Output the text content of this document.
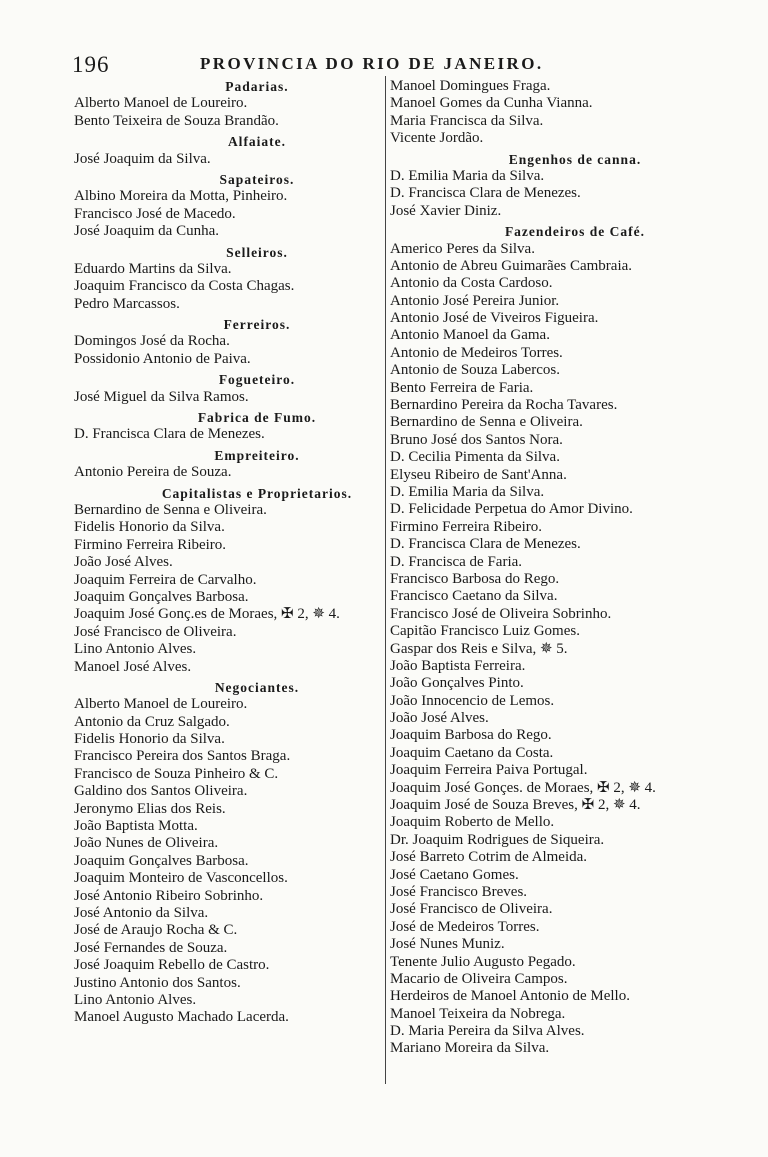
196	PROVINCIA DO RIO DE JANEIRO.
Padarias.
Alberto Manoel de Loureiro.
Bento Teixeira de Souza Brandão.
Alfaiate.
José Joaquim da Silva.
Sapateiros.
Albino Moreira da Motta, Pinheiro.
Francisco José de Macedo.
José Joaquim da Cunha.
Selleiros.
Eduardo Martins da Silva.
Joaquim Francisco da Costa Chagas.
Pedro Marcassos.
Ferreiros.
Domingos José da Rocha.
Possidonio Antonio de Paiva.
Fogueteiro.
José Miguel da Silva Ramos.
Fabrica de Fumo.
D. Francisca Clara de Menezes.
Empreiteiro.
Antonio Pereira de Souza.
Capitalistas e Proprietarios.
Bernardino de Senna e Oliveira.
Fidelis Honorio da Silva.
Firmino Ferreira Ribeiro.
João José Alves.
Joaquim Ferreira de Carvalho.
Joaquim Gonçalves Barbosa.
Joaquim José Gonç.es de Moraes, ✠ 2, ✵ 4.
José Francisco de Oliveira.
Lino Antonio Alves.
Manoel José Alves.
Negociantes.
Alberto Manoel de Loureiro.
Antonio da Cruz Salgado.
Fidelis Honorio da Silva.
Francisco Pereira dos Santos Braga.
Francisco de Souza Pinheiro & C.
Galdino dos Santos Oliveira.
Jeronymo Elias dos Reis.
João Baptista Motta.
João Nunes de Oliveira.
Joaquim Gonçalves Barbosa.
Joaquim Monteiro de Vasconcellos.
José Antonio Ribeiro Sobrinho.
José Antonio da Silva.
José de Araujo Rocha & C.
José Fernandes de Souza.
José Joaquim Rebello de Castro.
Justino Antonio dos Santos.
Lino Antonio Alves.
Manoel Augusto Machado Lacerda.
Manoel Domingues Fraga.
Manoel Gomes da Cunha Vianna.
Maria Francisca da Silva.
Vicente Jordão.
Engenhos de canna.
D. Emilia Maria da Silva.
D. Francisca Clara de Menezes.
José Xavier Diniz.
Fazendeiros de Café.
Americo Peres da Silva.
Antonio de Abreu Guimarães Cambraia.
Antonio da Costa Cardoso.
Antonio José Pereira Junior.
Antonio José de Viveiros Figueira.
Antonio Manoel da Gama.
Antonio de Medeiros Torres.
Antonio de Souza Labercos.
Bento Ferreira de Faria.
Bernardino Pereira da Rocha Tavares.
Bernardino de Senna e Oliveira.
Bruno José dos Santos Nora.
D. Cecilia Pimenta da Silva.
Elyseu Ribeiro de Sant'Anna.
D. Emilia Maria da Silva.
D. Felicidade Perpetua do Amor Divino.
Firmino Ferreira Ribeiro.
D. Francisca Clara de Menezes.
D. Francisca de Faria.
Francisco Barbosa do Rego.
Francisco Caetano da Silva.
Francisco José de Oliveira Sobrinho.
Capitão Francisco Luiz Gomes.
Gaspar dos Reis e Silva, ✵ 5.
João Baptista Ferreira.
João Gonçalves Pinto.
João Innocencio de Lemos.
João José Alves.
Joaquim Barbosa do Rego.
Joaquim Caetano da Costa.
Joaquim Ferreira Paiva Portugal.
Joaquim José Gonçes. de Moraes, ✠ 2, ✵ 4.
Joaquim José de Souza Breves, ✠ 2, ✵ 4.
Joaquim Roberto de Mello.
Dr. Joaquim Rodrigues de Siqueira.
José Barreto Cotrim de Almeida.
José Caetano Gomes.
José Francisco Breves.
José Francisco de Oliveira.
José de Medeiros Torres.
José Nunes Muniz.
Tenente Julio Augusto Pegado.
Macario de Oliveira Campos.
Herdeiros de Manoel Antonio de Mello.
Manoel Teixeira da Nobrega.
D. Maria Pereira da Silva Alves.
Mariano Moreira da Silva.
